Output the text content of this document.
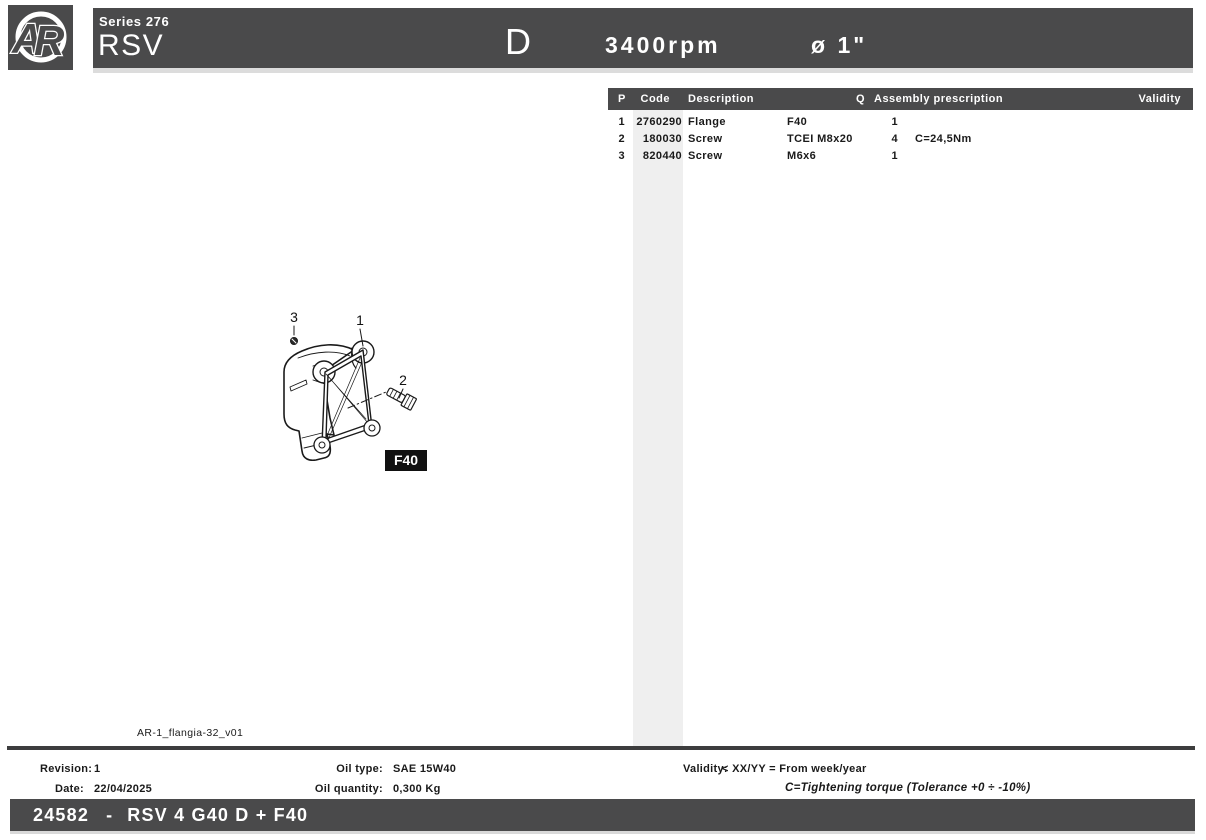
A
R	Series 276
RSV	D	3400rpm	ø 1"
P	Code Description	Q Assembly prescription	Validity
1	2760290 Flange	F40	1
2	180030 Screw	TCEI M8x20	4 C=24,5Nm
3	820440 Screw	M6x6	1
3	1
2
F40
AR-1_flangia-32_v01
Revision: 1
Date: 22/04/2025
Oil type: SAE 15W40
Oil quantity: 0,300 Kg
Validity:
< XX/YY = From week/year
C=Tightening torque (Tolerance +0 ÷ -10%)
24582 - RSV 4 G40 D + F40
